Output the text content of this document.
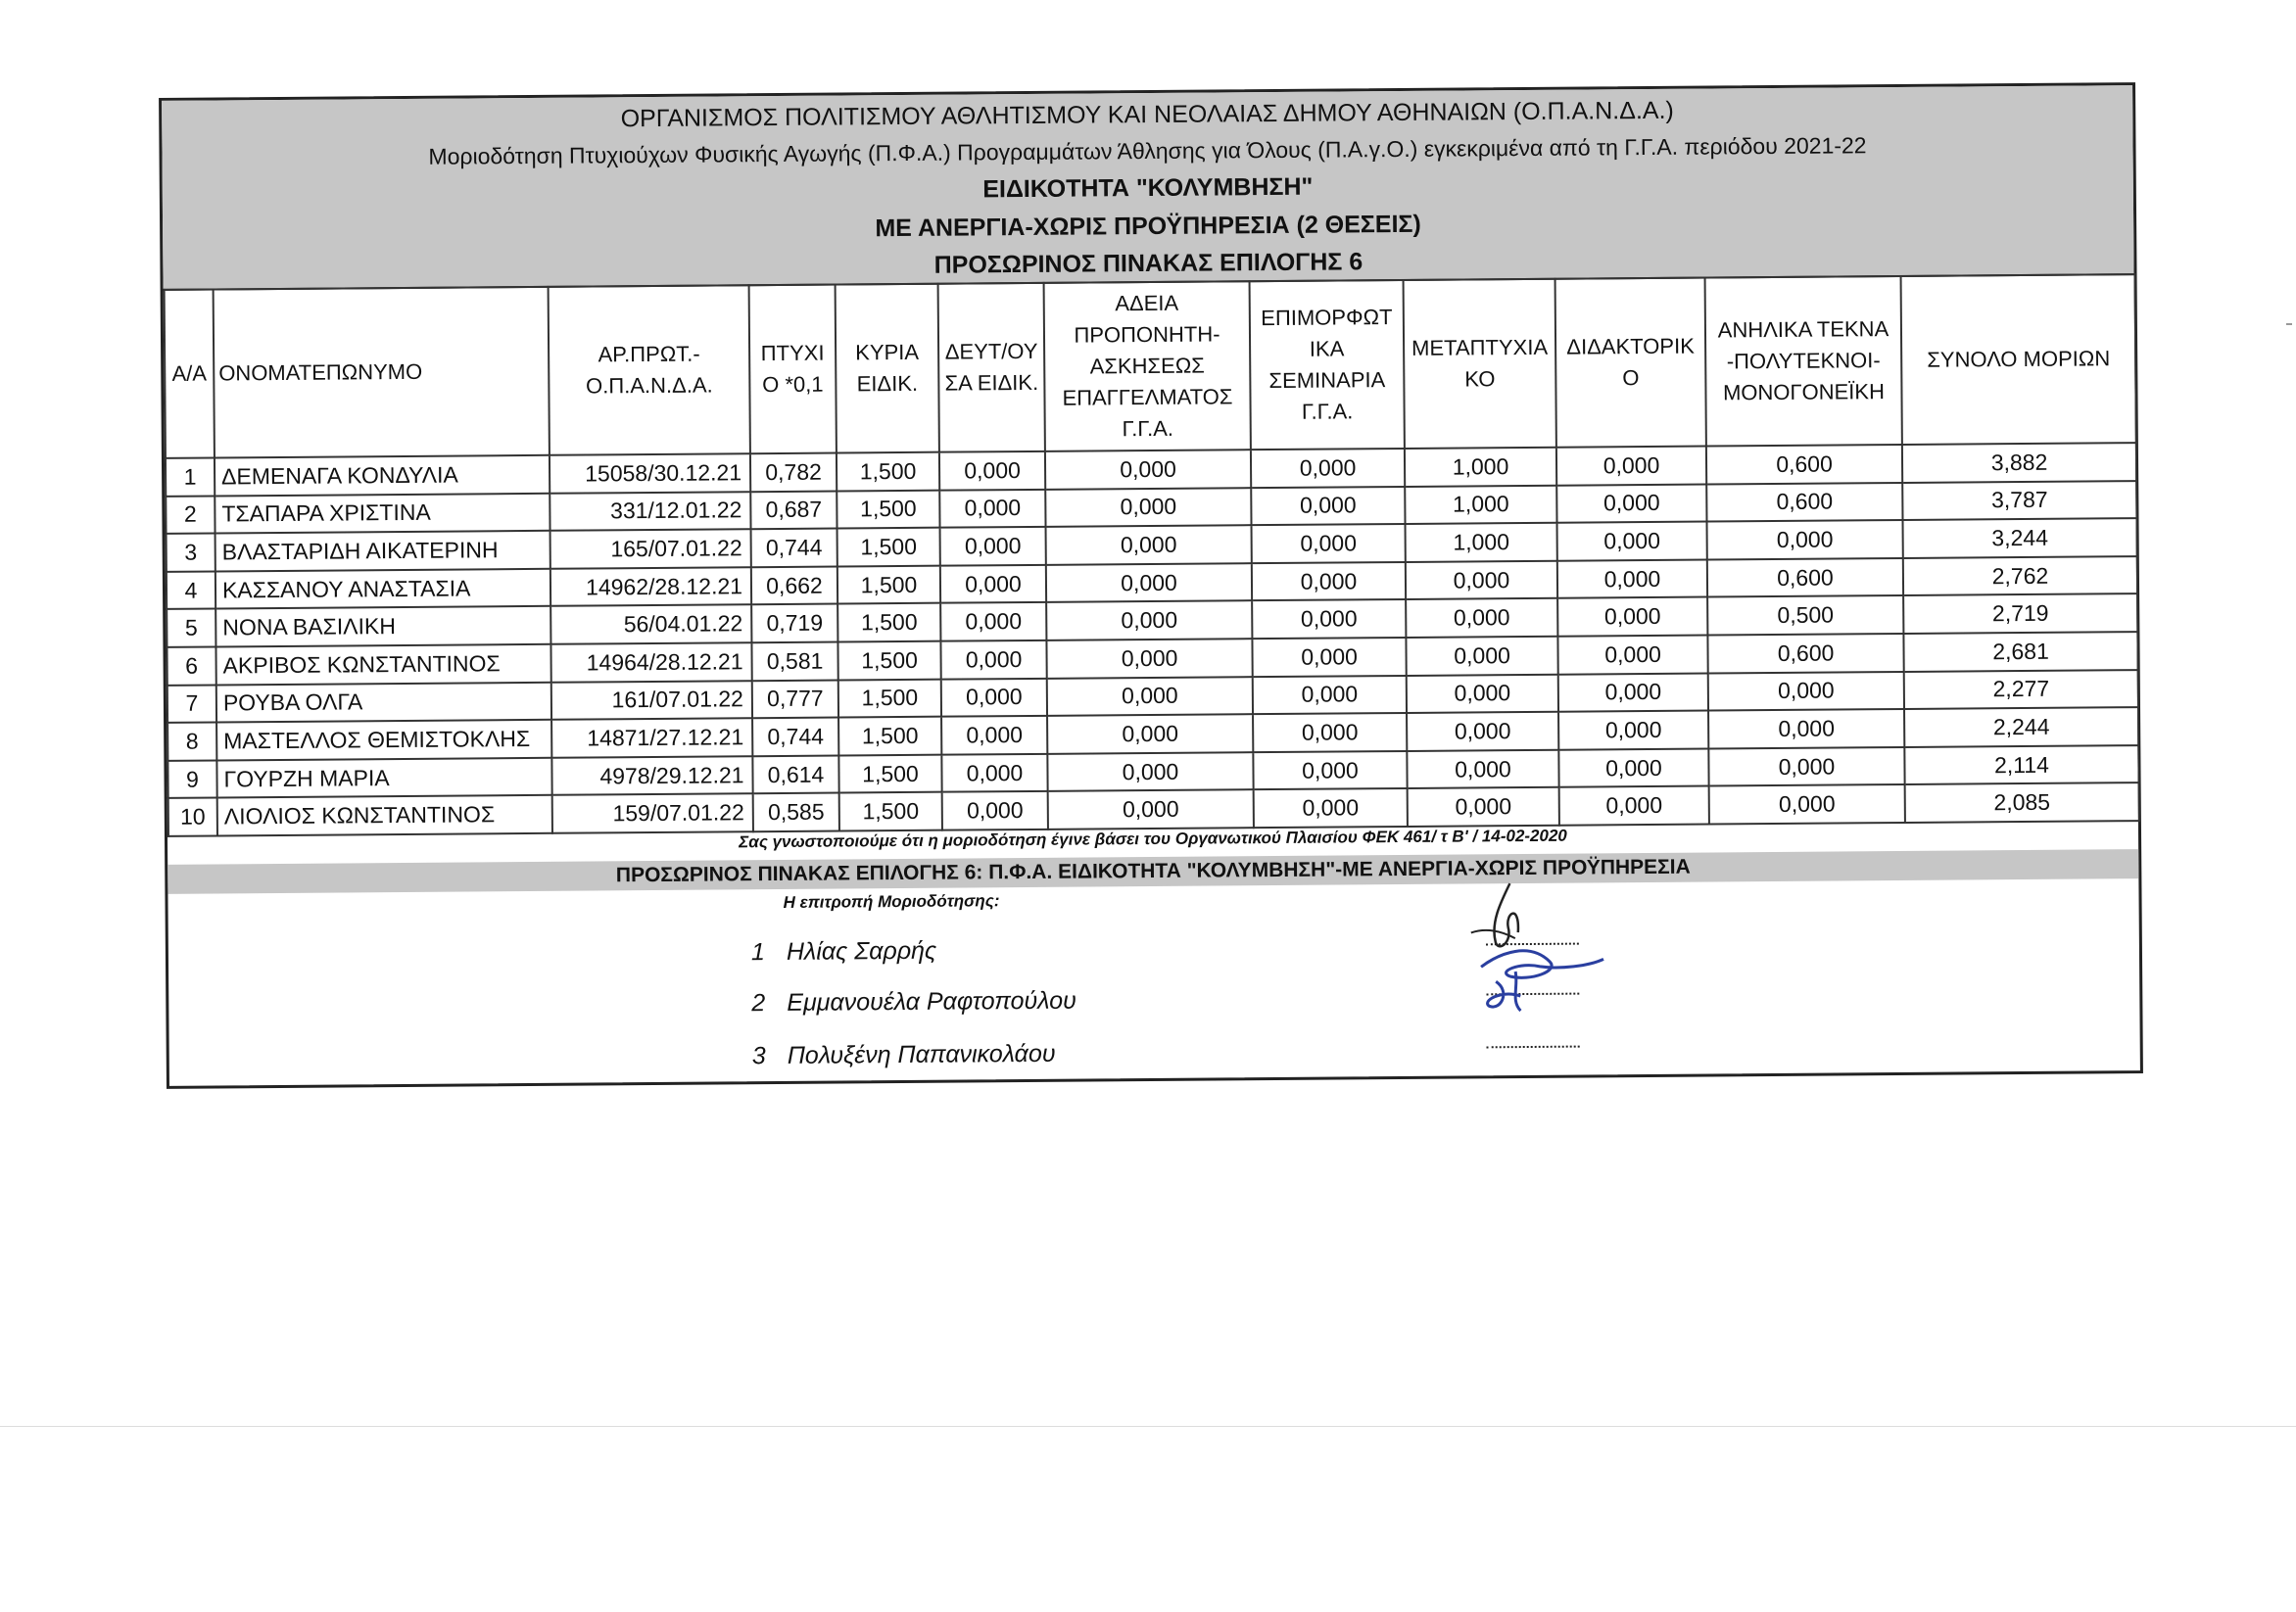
ΟΡΓΑΝΙΣΜΟΣ ΠΟΛΙΤΙΣΜΟΥ ΑΘΛΗΤΙΣΜΟΥ ΚΑΙ ΝΕΟΛΑΙΑΣ ΔΗΜΟΥ ΑΘΗΝΑΙΩΝ (Ο.Π.Α.Ν.Δ.Α.)
Μοριοδότηση Πτυχιούχων Φυσικής Αγωγής (Π.Φ.Α.) Προγραμμάτων Άθλησης για Όλους (Π.Α.γ.Ο.) εγκεκριμένα από τη Γ.Γ.Α. περιόδου 2021-22
ΕΙΔΙΚΟΤΗΤΑ "ΚΟΛΥΜΒΗΣΗ"
ΜΕ ΑΝΕΡΓΙΑ-ΧΩΡΙΣ ΠΡΟΫΠΗΡΕΣΙΑ (2 ΘΕΣΕΙΣ)
ΠΡΟΣΩΡΙΝΟΣ ΠΙΝΑΚΑΣ ΕΠΙΛΟΓΗΣ 6
Α/Α	ΟΝΟΜΑΤΕΠΩΝΥΜΟ	ΑΡ.ΠΡΩΤ.- Ο.Π.Α.Ν.Δ.Α.	ΠΤΥΧΙ Ο *0,1	ΚΥΡΙΑ ΕΙΔΙΚ.	ΔΕΥΤ/ΟΥ ΣΑ ΕΙΔΙΚ.	ΑΔΕΙΑ ΠΡΟΠΟΝΗΤΗ- ΑΣΚΗΣΕΩΣ ΕΠΑΓΓΕΛΜΑΤΟΣ Γ.Γ.Α.	ΕΠΙΜΟΡΦΩΤ ΙΚΑ ΣΕΜΙΝΑΡΙΑ Γ.Γ.Α.	ΜΕΤΑΠΤΥΧΙΑ ΚΟ	ΔΙΔΑΚΤΟΡΙΚ Ο	ΑΝΗΛΙΚΑ ΤΕΚΝΑ -ΠΟΛΥΤΕΚΝΟΙ- ΜΟΝΟΓΟΝΕΪΚΗ	ΣΥΝΟΛΟ ΜΟΡΙΩΝ
1	ΔΕΜΕΝΑΓΑ ΚΟΝΔΥΛΙΑ	15058/30.12.21	0,782	1,500	0,000	0,000	0,000	1,000	0,000	0,600	3,882
2	ΤΣΑΠΑΡΑ ΧΡΙΣΤΙΝΑ	331/12.01.22	0,687	1,500	0,000	0,000	0,000	1,000	0,000	0,600	3,787
3	ΒΛΑΣΤΑΡΙΔΗ ΑΙΚΑΤΕΡΙΝΗ	165/07.01.22	0,744	1,500	0,000	0,000	0,000	1,000	0,000	0,000	3,244
4	ΚΑΣΣΑΝΟΥ ΑΝΑΣΤΑΣΙΑ	14962/28.12.21	0,662	1,500	0,000	0,000	0,000	0,000	0,000	0,600	2,762
5	ΝΟΝΑ ΒΑΣΙΛΙΚΗ	56/04.01.22	0,719	1,500	0,000	0,000	0,000	0,000	0,000	0,500	2,719
6	ΑΚΡΙΒΟΣ ΚΩΝΣΤΑΝΤΙΝΟΣ	14964/28.12.21	0,581	1,500	0,000	0,000	0,000	0,000	0,000	0,600	2,681
7	ΡΟΥΒΑ ΟΛΓΑ	161/07.01.22	0,777	1,500	0,000	0,000	0,000	0,000	0,000	0,000	2,277
8	ΜΑΣΤΕΛΛΟΣ ΘΕΜΙΣΤΟΚΛΗΣ	14871/27.12.21	0,744	1,500	0,000	0,000	0,000	0,000	0,000	0,000	2,244
9	ΓΟΥΡΖΗ ΜΑΡΙΑ	4978/29.12.21	0,614	1,500	0,000	0,000	0,000	0,000	0,000	0,000	2,114
10	ΛΙΟΛΙΟΣ ΚΩΝΣΤΑΝΤΙΝΟΣ	159/07.01.22	0,585	1,500	0,000	0,000	0,000	0,000	0,000	0,000	2,085
Σας γνωστοποιούμε ότι η μοριοδότηση έγινε βάσει του Οργανωτικού Πλαισίου ΦΕΚ 461/ τ Β' / 14-02-2020
ΠΡΟΣΩΡΙΝΟΣ ΠΙΝΑΚΑΣ ΕΠΙΛΟΓΗΣ 6: Π.Φ.Α. ΕΙΔΙΚΟΤΗΤΑ "ΚΟΛΥΜΒΗΣΗ"-ΜΕ ΑΝΕΡΓΙΑ-ΧΩΡΙΣ ΠΡΟΫΠΗΡΕΣΙΑ
Η επιτροπή Μοριοδότησης:
1 Ηλίας Σαρρής
2 Εμμανουέλα Ραφτοπούλου
3 Πολυξένη Παπανικολάου
